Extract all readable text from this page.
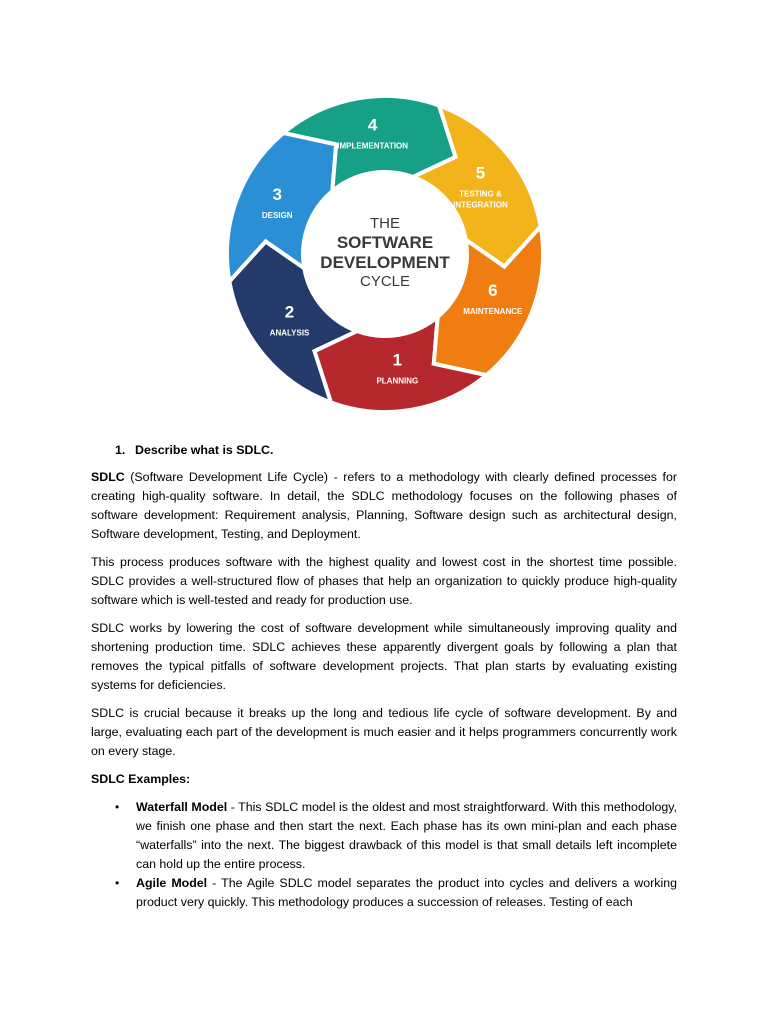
1
PLANNING
2
ANALYSIS
3
DESIGN
4
IMPLEMENTATION
5
TESTING &
INTEGRATION
6
MAINTENANCE
THE
SOFTWARE
DEVELOPMENT
CYCLE
1. Describe what is SDLC.

SDLC (Software Development Life Cycle) - refers to a methodology with clearly defined processes for creating high-quality software. In detail, the SDLC methodology focuses on the following phases of software development: Requirement analysis, Planning, Software design such as architectural design, Software development, Testing, and Deployment.

This process produces software with the highest quality and lowest cost in the shortest time possible. SDLC provides a well-structured flow of phases that help an organization to quickly produce high-quality software which is well-tested and ready for production use.

SDLC works by lowering the cost of software development while simultaneously improving quality and shortening production time. SDLC achieves these apparently divergent goals by following a plan that removes the typical pitfalls of software development projects. That plan starts by evaluating existing systems for deficiencies.

SDLC is crucial because it breaks up the long and tedious life cycle of software development. By and large, evaluating each part of the development is much easier and it helps programmers concurrently work on every stage.

SDLC Examples:
• Waterfall Model - This SDLC model is the oldest and most straightforward. With this methodology, we finish one phase and then start the next. Each phase has its own mini-plan and each phase “waterfalls” into the next. The biggest drawback of this model is that small details left incomplete can hold up the entire process.
• Agile Model - The Agile SDLC model separates the product into cycles and delivers a working product very quickly. This methodology produces a succession of releases. Testing of each
